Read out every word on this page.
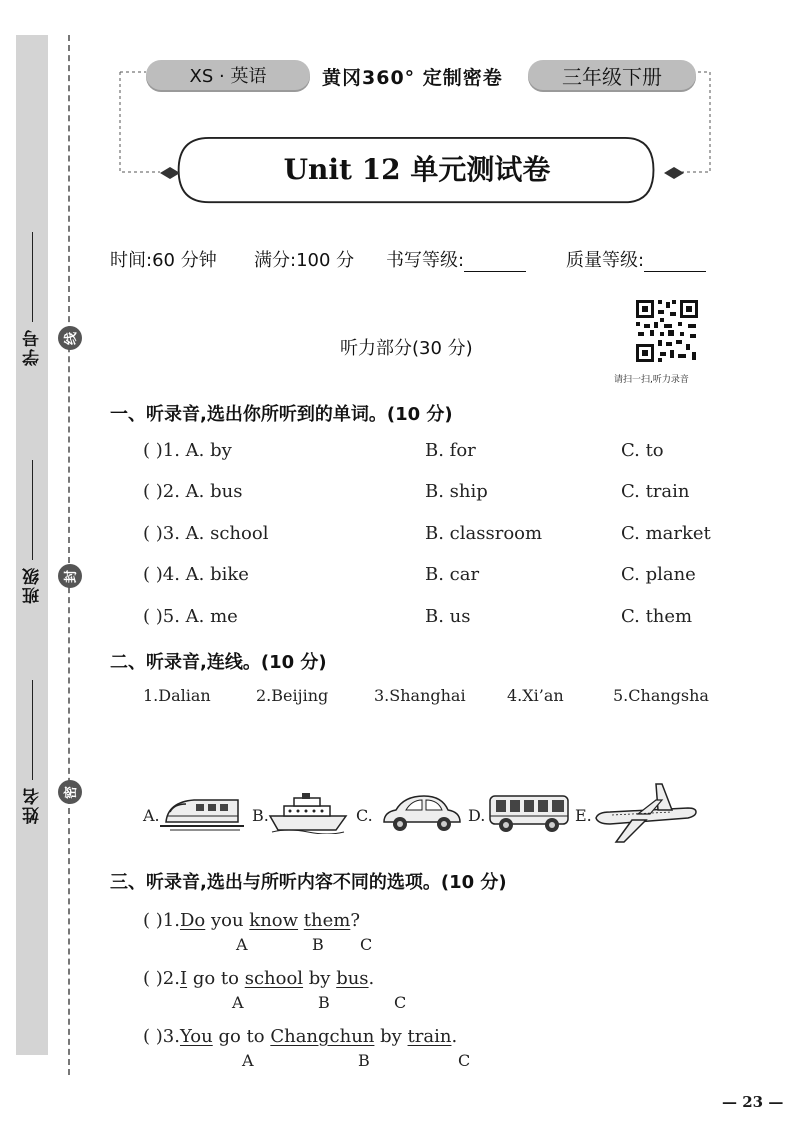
学号
班级
姓名
线
封
密
XS · 英语	黄冈360° 定制密卷	三年级下册
Unit 12 单元测试卷
时间:60 分钟 满分:100 分 书写等级:	质量等级:
请扫一扫,听力录音
听力部分(30 分)
一、听录音,选出你所听到的单词。(10 分)
( )1. A. by	B. for	C. to
( )2. A. bus	B. ship	C. train
( )3. A. school	B. classroom	C. market
( )4. A. bike	B. car	C. plane
( )5. A. me	B. us	C. them
二、听录音,连线。(10 分)
1.Dalian	2.Beijing	3.Shanghai	4.Xi’an	5.Changsha
A.	B.	C.	D.	E.
三、听录音,选出与所听内容不同的选项。(10 分)
( )1.Do you know them?
A	B C
( )2.I go to school by bus.
A	B	C
( )3.You go to Changchun by train.
A	B	C
— 23 —
